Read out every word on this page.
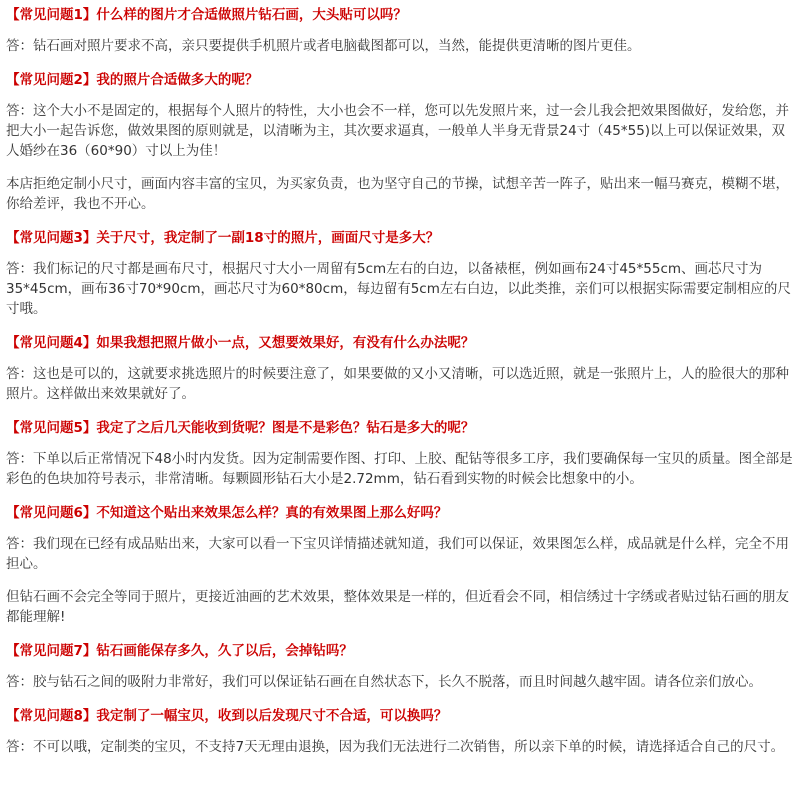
【常见问题1】什么样的图片才合适做照片钻石画，大头贴可以吗？

答：钻石画对照片要求不高，亲只要提供手机照片或者电脑截图都可以，当然，能提供更清晰的图片更佳。

【常见问题2】我的照片合适做多大的呢？

答：这个大小不是固定的，根据每个人照片的特性，大小也会不一样，您可以先发照片来，过一会儿我会把效果图做好，发给您，并把大小一起告诉您，做效果图的原则就是，以清晰为主，其次要求逼真，一般单人半身无背景24寸（45*55)以上可以保证效果，双人婚纱在36（60*90）寸以上为佳！

本店拒绝定制小尺寸，画面内容丰富的宝贝，为买家负责，也为坚守自己的节操，试想辛苦一阵子，贴出来一幅马赛克，模糊不堪，你给差评，我也不开心。

【常见问题3】关于尺寸，我定制了一副18寸的照片，画面尺寸是多大？

答：我们标记的尺寸都是画布尺寸，根据尺寸大小一周留有5cm左右的白边，以备裱框，例如画布24寸45*55cm、画芯尺寸为35*45cm，画布36寸70*90cm，画芯尺寸为60*80cm，每边留有5cm左右白边，以此类推，亲们可以根据实际需要定制相应的尺寸哦。

【常见问题4】如果我想把照片做小一点，又想要效果好，有没有什么办法呢？

答：这也是可以的，这就要求挑选照片的时候要注意了，如果要做的又小又清晰，可以选近照，就是一张照片上，人的脸很大的那种照片。这样做出来效果就好了。

【常见问题5】我定了之后几天能收到货呢？图是不是彩色？钻石是多大的呢？

答：下单以后正常情况下48小时内发货。因为定制需要作图、打印、上胶、配钻等很多工序，我们要确保每一宝贝的质量。图全部是彩色的色块加符号表示，非常清晰。每颗圆形钻石大小是2.72mm，钻石看到实物的时候会比想象中的小。

【常见问题6】不知道这个贴出来效果怎么样？真的有效果图上那么好吗？

答：我们现在已经有成品贴出来，大家可以看一下宝贝详情描述就知道，我们可以保证，效果图怎么样，成品就是什么样，完全不用担心。

但钻石画不会完全等同于照片，更接近油画的艺术效果，整体效果是一样的，但近看会不同，相信绣过十字绣或者贴过钻石画的朋友都能理解!

【常见问题7】钻石画能保存多久，久了以后，会掉钻吗？

答：胶与钻石之间的吸附力非常好，我们可以保证钻石画在自然状态下，长久不脱落，而且时间越久越牢固。请各位亲们放心。

【常见问题8】我定制了一幅宝贝，收到以后发现尺寸不合适，可以换吗？

答：不可以哦，定制类的宝贝，不支持7天无理由退换，因为我们无法进行二次销售，所以亲下单的时候，请选择适合自己的尺寸。
